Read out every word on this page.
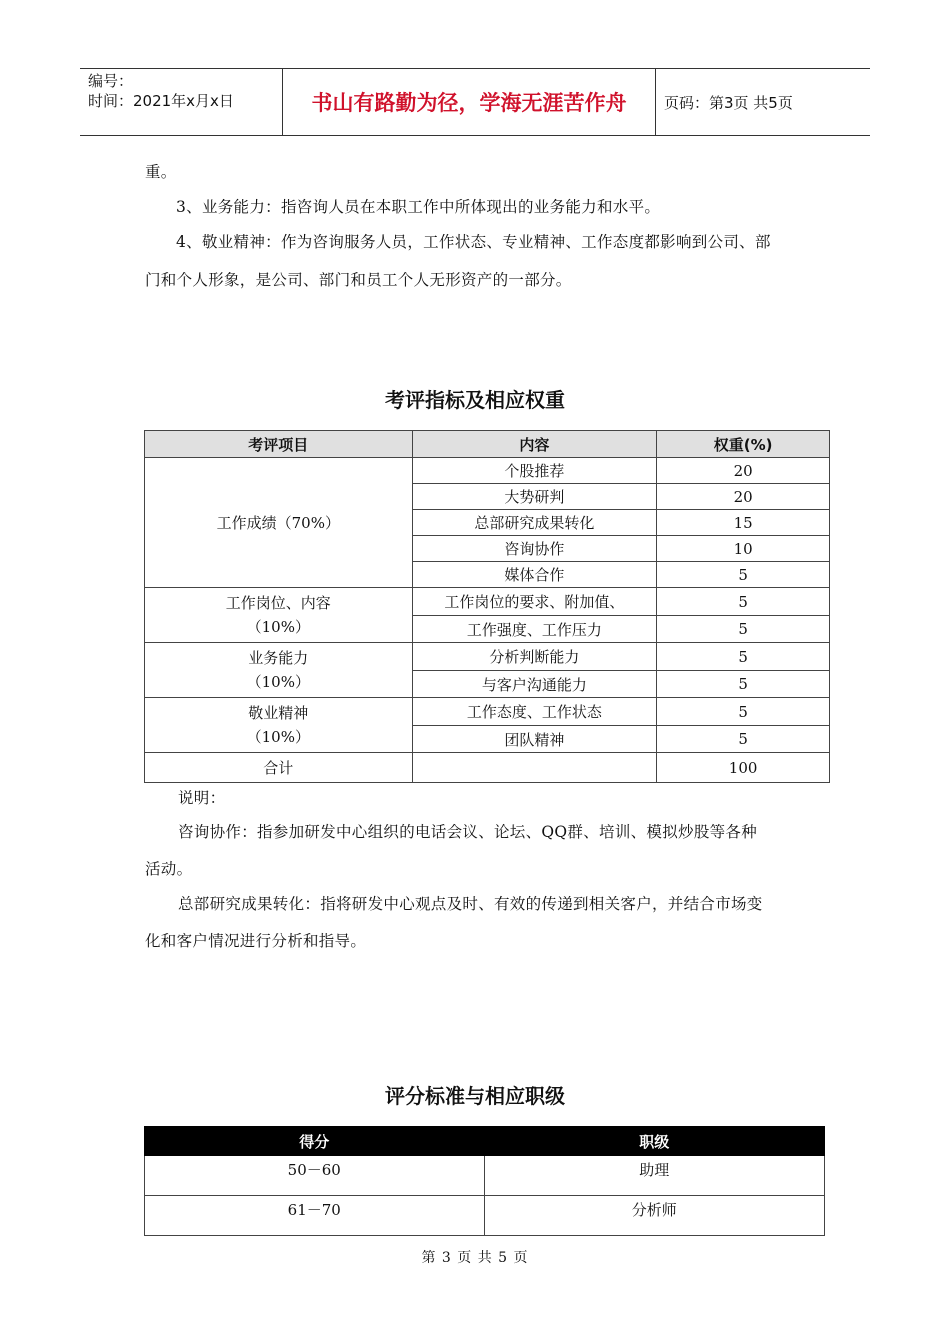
编号：
时间：2021年x月x日	书山有路勤为径，学海无涯苦作舟	页码：第3页 共5页
重。
3、业务能力：指咨询人员在本职工作中所体现出的业务能力和水平。
4、敬业精神：作为咨询服务人员，工作状态、专业精神、工作态度都影响到公司、部
门和个人形象，是公司、部门和员工个人无形资产的一部分。
考评指标及相应权重
考评项目	内容	权重(%)
工作成绩（70%）	个股推荐	20
	大势研判	20
	总部研究成果转化	15
	咨询协作	10
	媒体合作	5

工作岗位、内容
（10%）	工作岗位的要求、附加值、	5
	工作强度、工作压力	5

业务能力
（10%）	分析判断能力	5
	与客户沟通能力	5

敬业精神
（10%）	工作态度、工作状态	5
	团队精神	5
合计		100
说明：
咨询协作：指参加研发中心组织的电话会议、论坛、QQ群、培训、模拟炒股等各种
活动。
总部研究成果转化：指将研发中心观点及时、有效的传递到相关客户，并结合市场变
化和客户情况进行分析和指导。
评分标准与相应职级
得分	职级
50－60	助理
61－70	分析师
第 3 页 共 5 页
